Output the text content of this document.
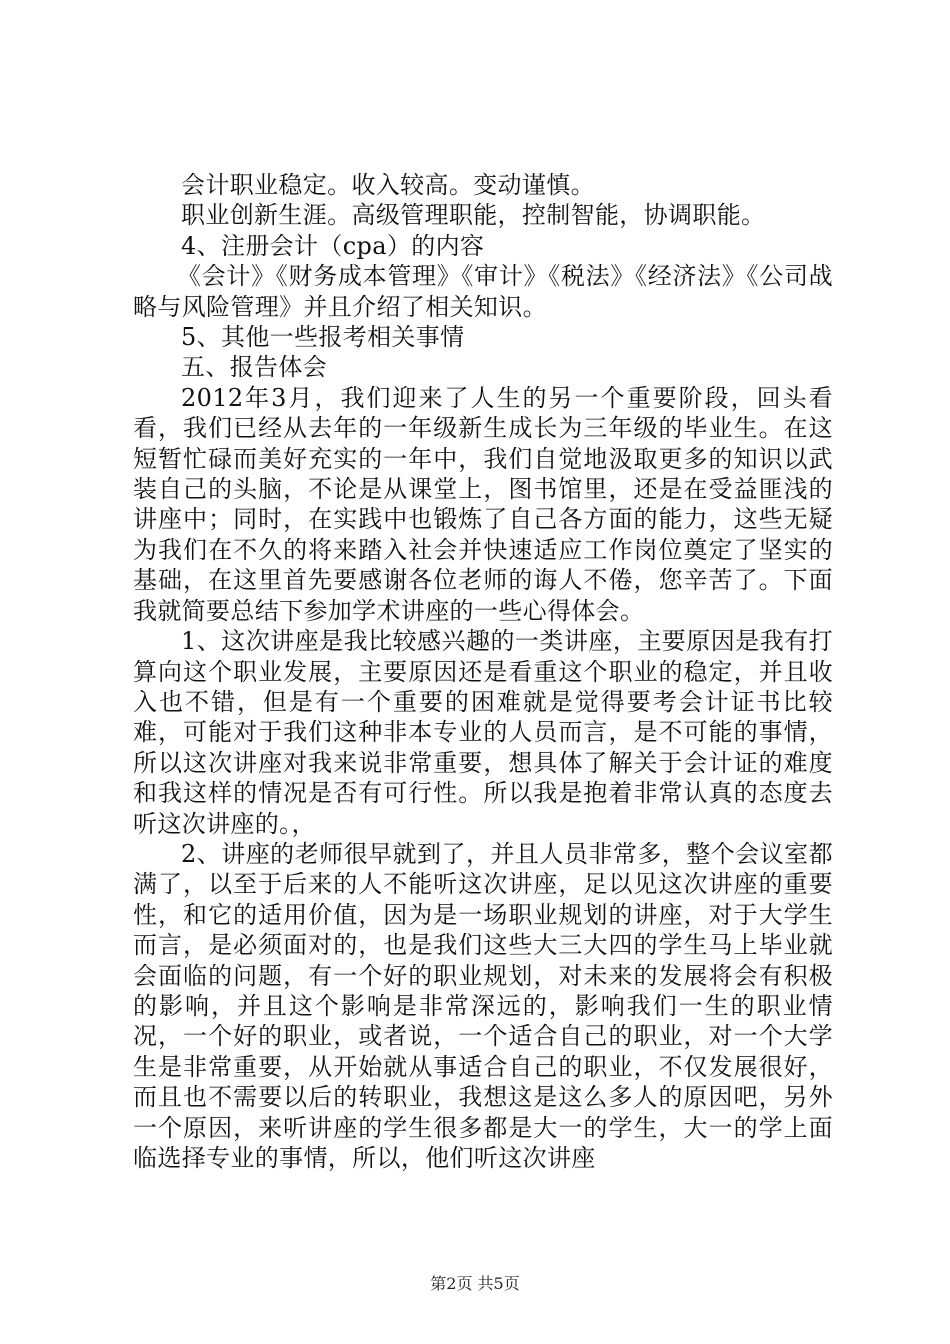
会计职业稳定。收入较高。变动谨慎。

职业创新生涯。高级管理职能，控制智能，协调职能。

4、注册会计（cpa）的内容

《会计》《财务成本管理》《审计》《税法》《经济法》《公司战略与风险管理》并且介绍了相关知识。

5、其他一些报考相关事情

五、报告体会

2012年3月，我们迎来了人生的另一个重要阶段，回头看看，我们已经从去年的一年级新生成长为三年级的毕业生。在这短暂忙碌而美好充实的一年中，我们自觉地汲取更多的知识以武装自己的头脑，不论是从课堂上，图书馆里，还是在受益匪浅的讲座中；同时，在实践中也锻炼了自己各方面的能力，这些无疑为我们在不久的将来踏入社会并快速适应工作岗位奠定了坚实的基础，在这里首先要感谢各位老师的诲人不倦，您辛苦了。下面我就简要总结下参加学术讲座的一些心得体会。

1、这次讲座是我比较感兴趣的一类讲座，主要原因是我有打算向这个职业发展，主要原因还是看重这个职业的稳定，并且收入也不错，但是有一个重要的困难就是觉得要考会计证书比较难，可能对于我们这种非本专业的人员而言，是不可能的事情，所以这次讲座对我来说非常重要，想具体了解关于会计证的难度和我这样的情况是否有可行性。所以我是抱着非常认真的态度去听这次讲座的。，

2、讲座的老师很早就到了，并且人员非常多，整个会议室都满了，以至于后来的人不能听这次讲座，足以见这次讲座的重要性，和它的适用价值，因为是一场职业规划的讲座，对于大学生而言，是必须面对的，也是我们这些大三大四的学生马上毕业就会面临的问题，有一个好的职业规划，对未来的发展将会有积极的影响，并且这个影响是非常深远的，影响我们一生的职业情况，一个好的职业，或者说，一个适合自己的职业，对一个大学生是非常重要，从开始就从事适合自己的职业，不仅发展很好，而且也不需要以后的转职业，我想这是这么多人的原因吧，另外一个原因，来听讲座的学生很多都是大一的学生，大一的学上面临选择专业的事情，所以，他们听这次讲座

第2页 共5页
